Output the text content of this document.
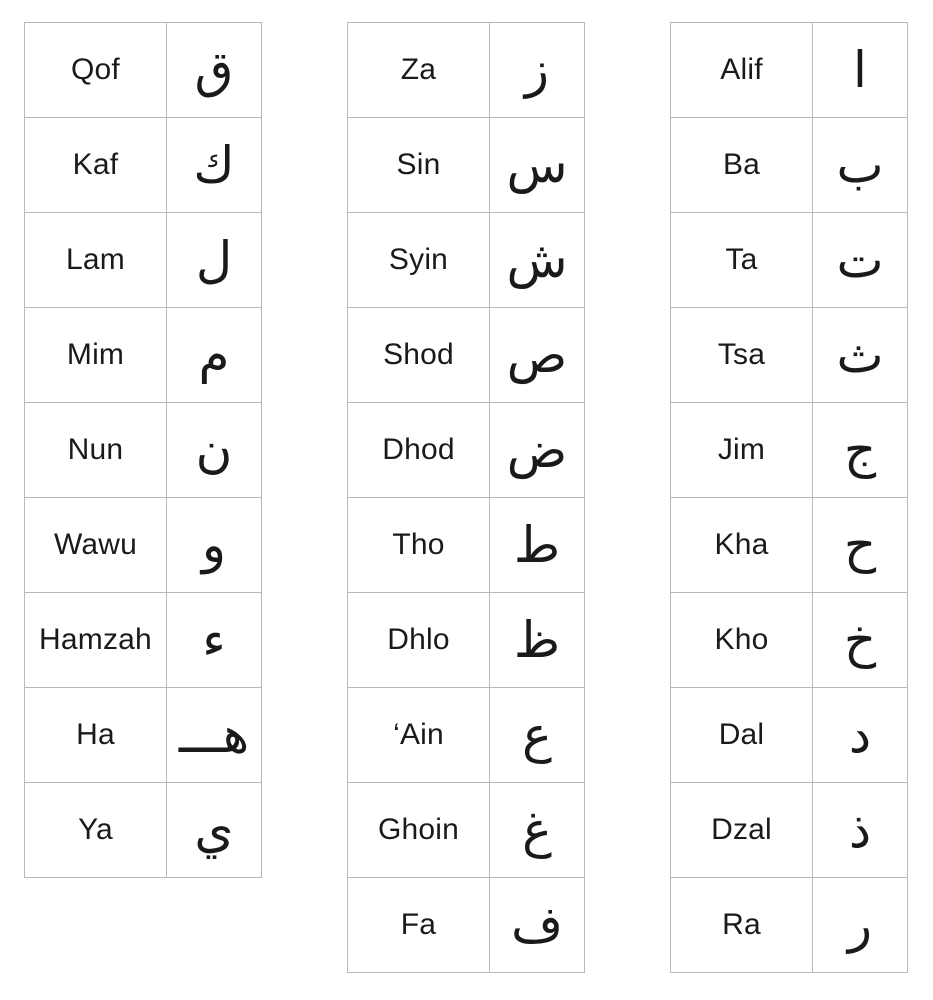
Qof	ق
Kaf	ك
Lam	ل
Mim	م
Nun	ن
Wawu	و
Hamzah	ء
Ha	هـــ
Ya	ي
Za	ز
Sin	س
Syin	ش
Shod	ص
Dhod	ض
Tho	ط
Dhlo	ظ
‘Ain	ع
Ghoin	غ
Fa	ف
Alif	ا
Ba	ب
Ta	ت
Tsa	ث
Jim	ج
Kha	ح
Kho	خ
Dal	د
Dzal	ذ
Ra	ر
